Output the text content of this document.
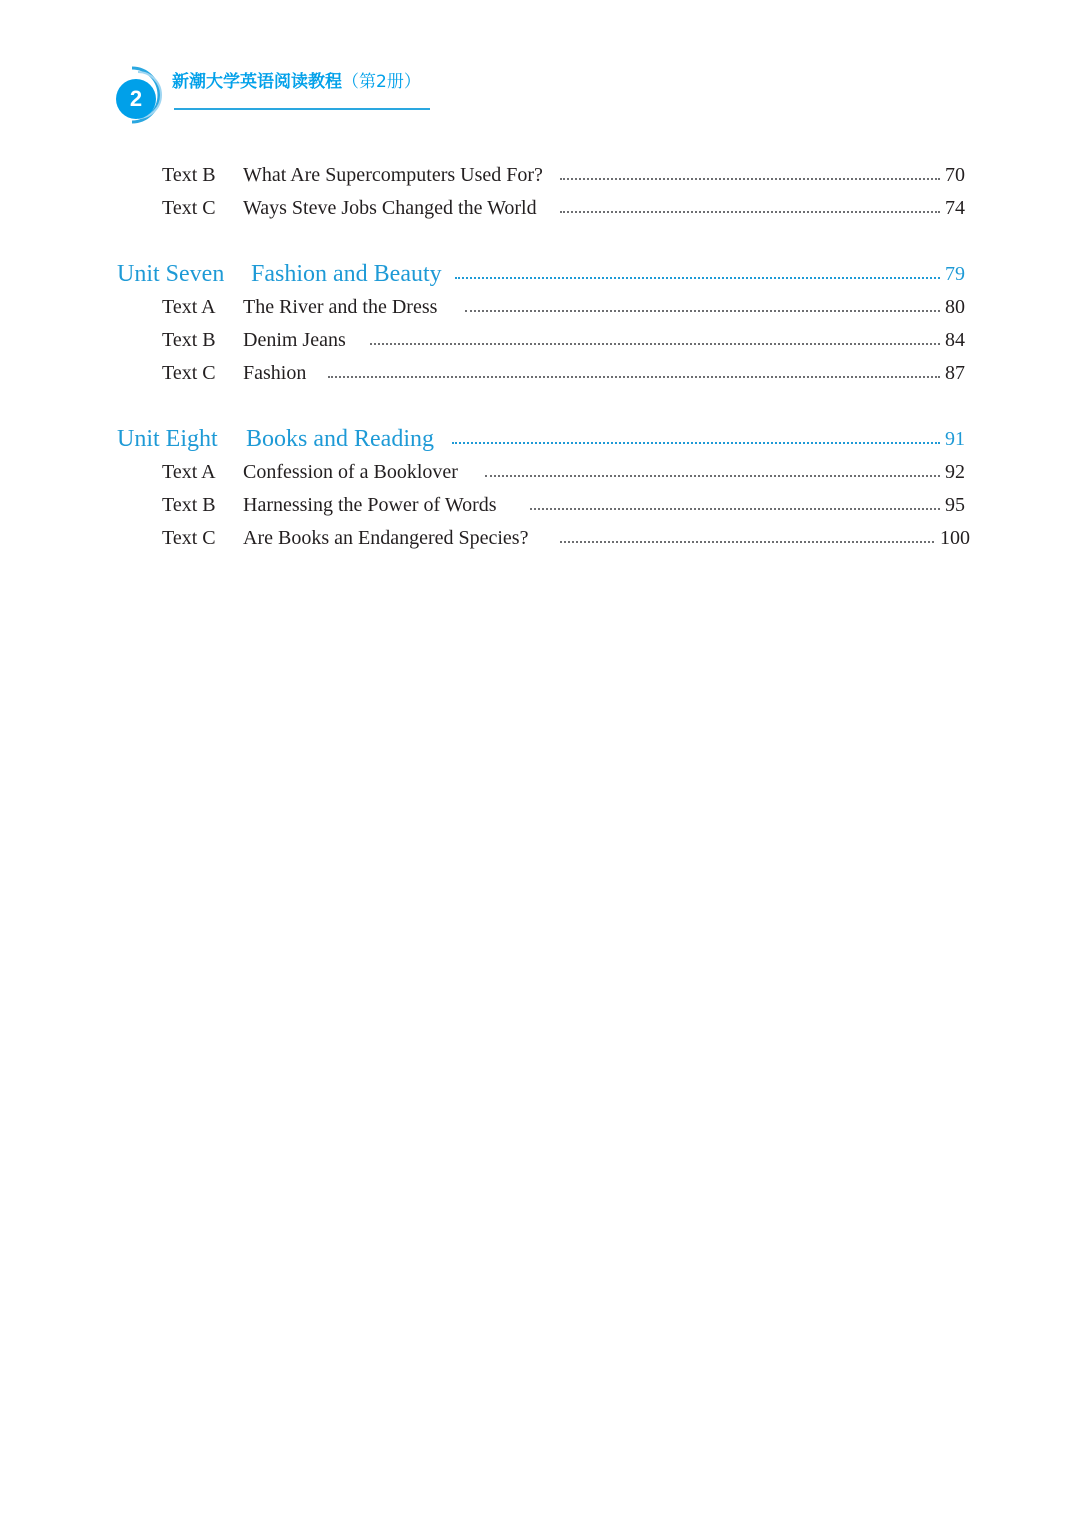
2
新潮大学英语阅读教程（第2册）
Text B What Are Supercomputers Used For?	70
Text C Ways Steve Jobs Changed the World	74
Unit Seven Fashion and Beauty	79
Text A The River and the Dress	80
Text B Denim Jeans	84
Text C Fashion	87
Unit Eight Books and Reading	91
Text A Confession of a Booklover	92
Text B Harnessing the Power of Words	95
Text C Are Books an Endangered Species?	100
